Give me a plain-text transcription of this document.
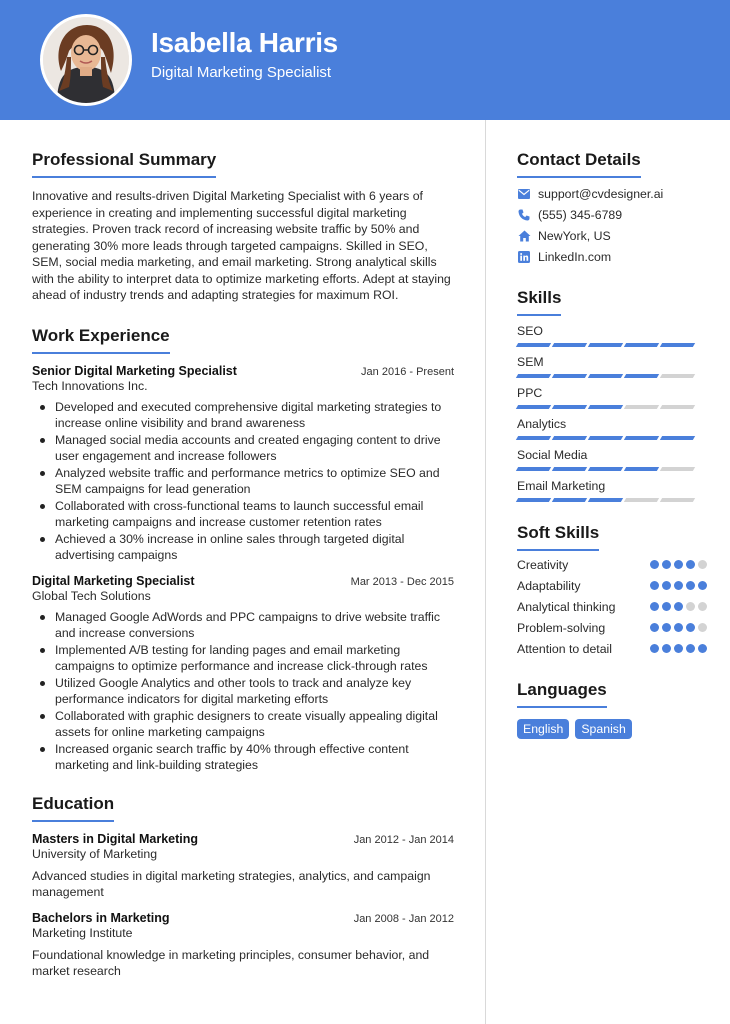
Isabella Harris
Digital Marketing Specialist
Professional Summary

Innovative and results-driven Digital Marketing Specialist with 6 years of experience in creating and implementing successful digital marketing strategies. Proven track record of increasing website traffic by 50% and generating 30% more leads through targeted campaigns. Skilled in SEO, SEM, social media marketing, and email marketing. Strong analytical skills with the ability to interpret data to optimize marketing efforts. Adept at staying ahead of industry trends and adapting strategies for maximum ROI.

Work Experience
Senior Digital Marketing Specialist	Jan 2016 - Present
Tech Innovations Inc.
Developed and executed comprehensive digital marketing strategies to increase online visibility and brand awareness
Managed social media accounts and created engaging content to drive user engagement and increase followers
Analyzed website traffic and performance metrics to optimize SEO and SEM campaigns for lead generation
Collaborated with cross-functional teams to launch successful email marketing campaigns and increase customer retention rates
Achieved a 30% increase in online sales through targeted digital advertising campaigns
Digital Marketing Specialist	Mar 2013 - Dec 2015
Global Tech Solutions
Managed Google AdWords and PPC campaigns to drive website traffic and increase conversions
Implemented A/B testing for landing pages and email marketing campaigns to optimize performance and increase click-through rates
Utilized Google Analytics and other tools to track and analyze key performance indicators for digital marketing efforts
Collaborated with graphic designers to create visually appealing digital assets for online marketing campaigns
Increased organic search traffic by 40% through effective content marketing and link-building strategies
Education
Masters in Digital Marketing	Jan 2012 - Jan 2014
University of Marketing
Advanced studies in digital marketing strategies, analytics, and campaign management
Bachelors in Marketing	Jan 2008 - Jan 2012
Marketing Institute
Foundational knowledge in marketing principles, consumer behavior, and market research
Contact Details
support@cvdesigner.ai
(555) 345-6789
NewYork, US
LinkedIn.com
Skills
SEO
SEM
PPC
Analytics
Social Media
Email Marketing
Soft Skills
Creativity
Adaptability
Analytical thinking
Problem-solving
Attention to detail
Languages
English	Spanish
